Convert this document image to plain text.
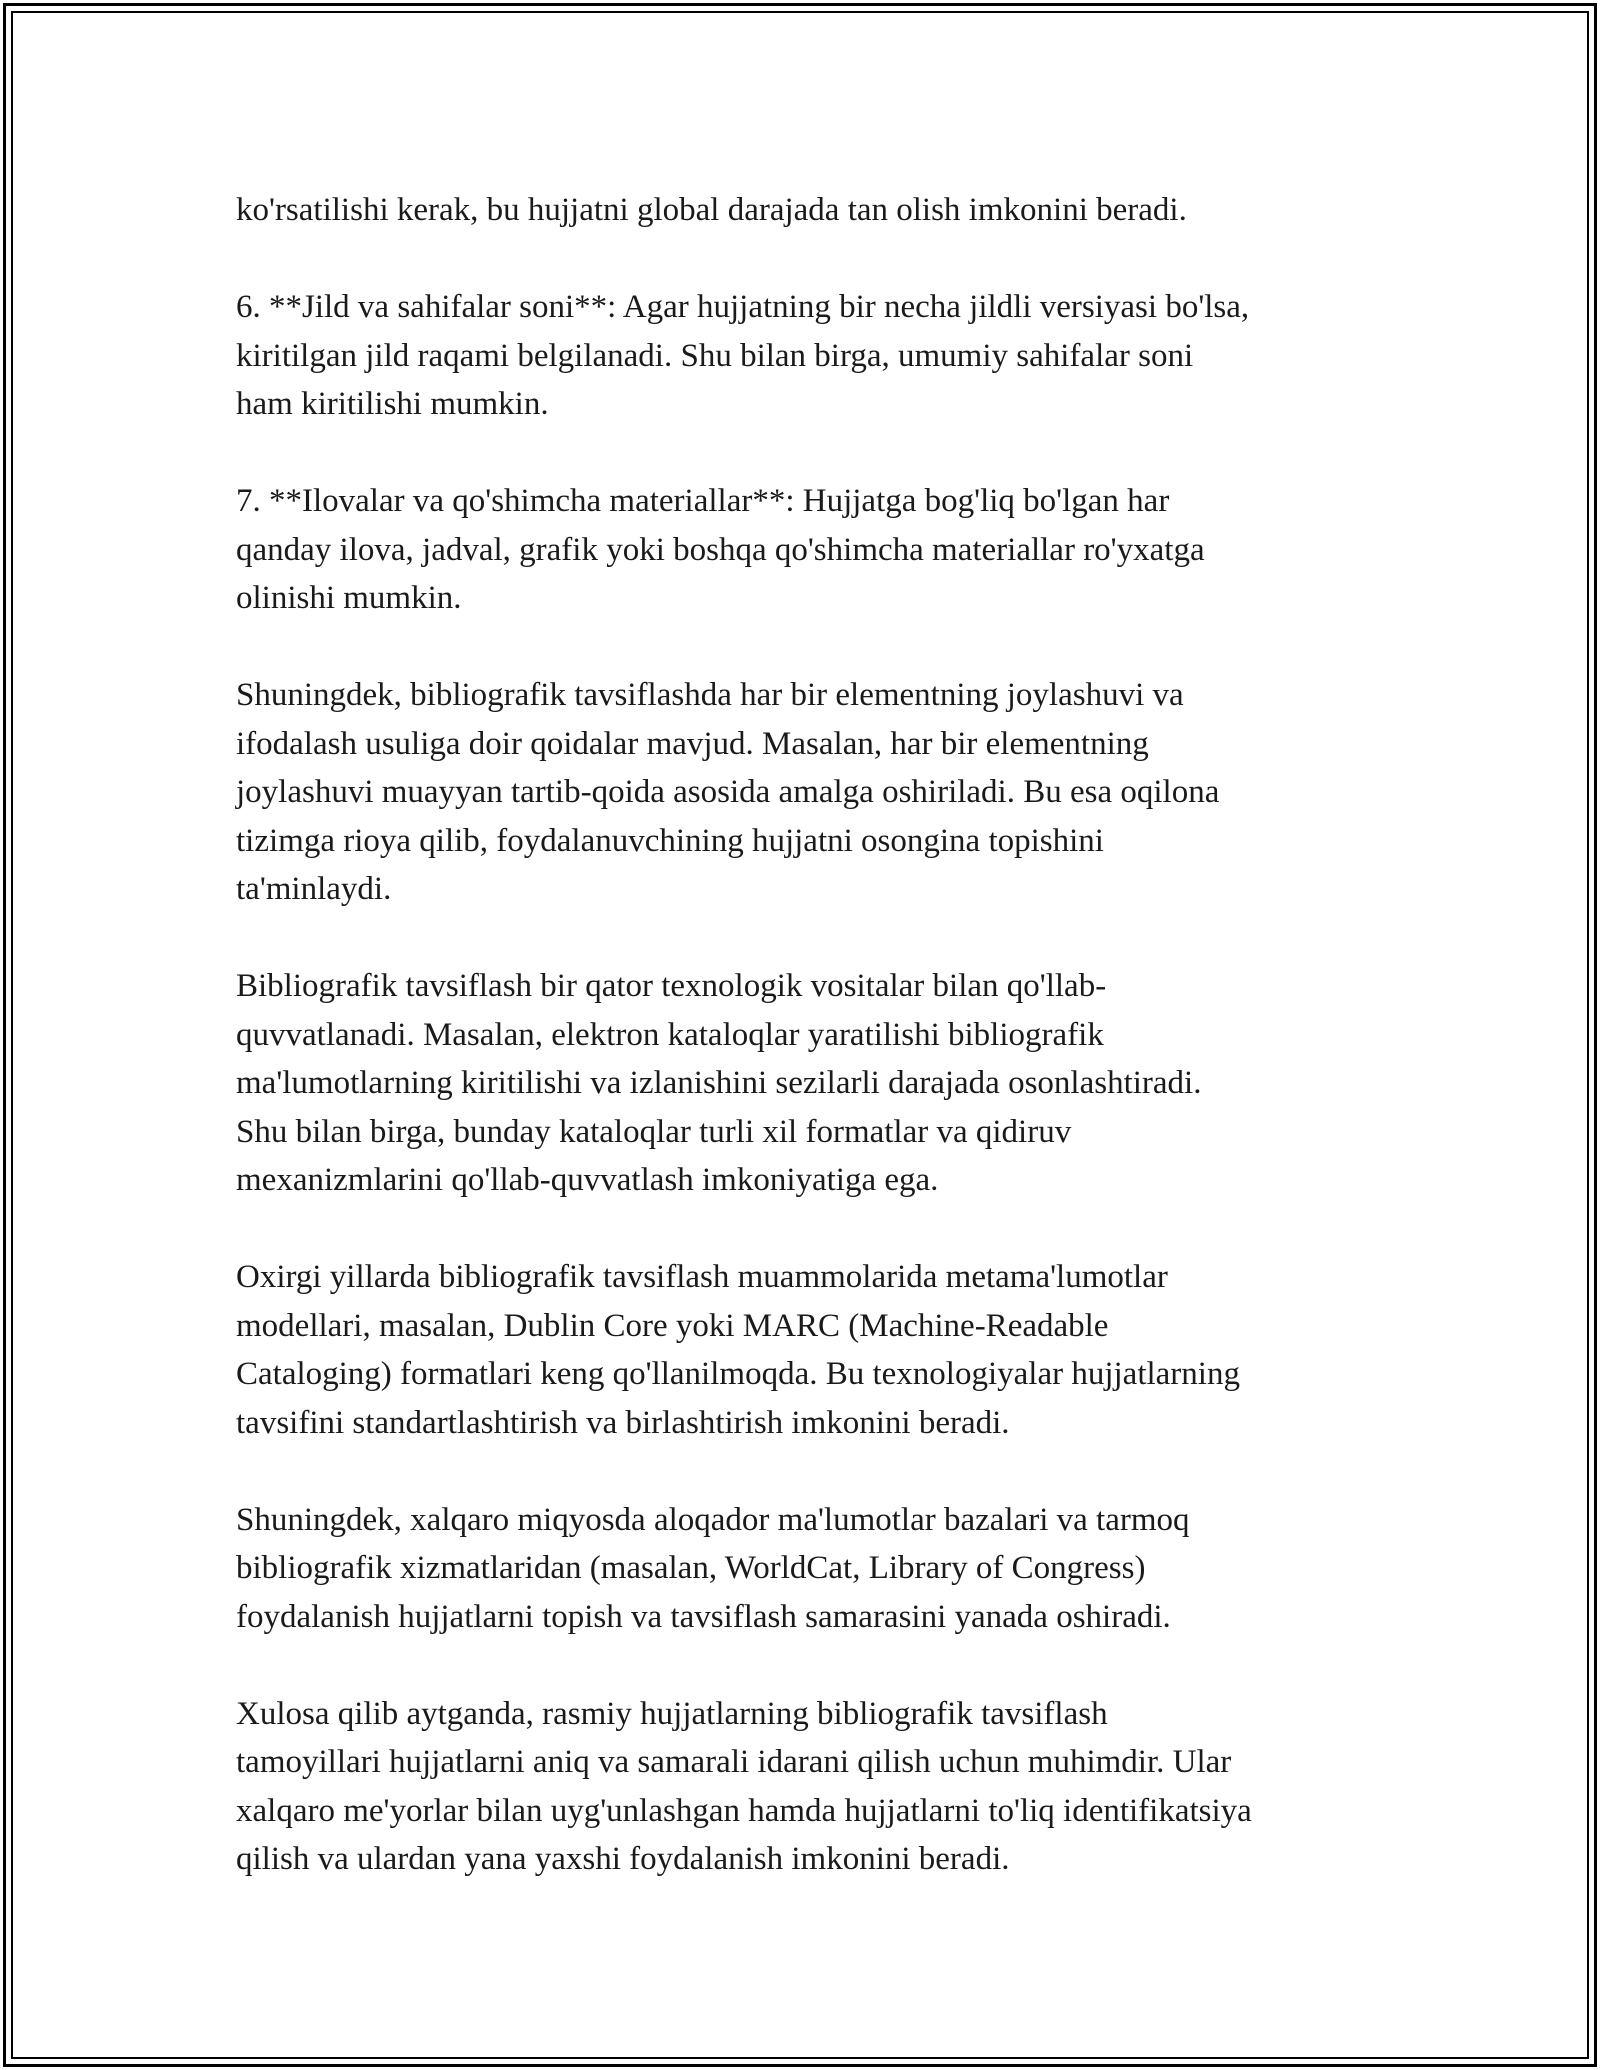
ko'rsatilishi kerak, bu hujjatni global darajada tan olish imkonini beradi.

6. **Jild va sahifalar soni**: Agar hujjatning bir necha jildli versiyasi bo'lsa,
kiritilgan jild raqami belgilanadi. Shu bilan birga, umumiy sahifalar soni
ham kiritilishi mumkin.

7. **Ilovalar va qo'shimcha materiallar**: Hujjatga bog'liq bo'lgan har
qanday ilova, jadval, grafik yoki boshqa qo'shimcha materiallar ro'yxatga
olinishi mumkin.

Shuningdek, bibliografik tavsiflashda har bir elementning joylashuvi va
ifodalash usuliga doir qoidalar mavjud. Masalan, har bir elementning
joylashuvi muayyan tartib-qoida asosida amalga oshiriladi. Bu esa oqilona
tizimga rioya qilib, foydalanuvchining hujjatni osongina topishini
ta'minlaydi.

Bibliografik tavsiflash bir qator texnologik vositalar bilan qo'llab-
quvvatlanadi. Masalan, elektron kataloqlar yaratilishi bibliografik
ma'lumotlarning kiritilishi va izlanishini sezilarli darajada osonlashtiradi.
Shu bilan birga, bunday kataloqlar turli xil formatlar va qidiruv
mexanizmlarini qo'llab-quvvatlash imkoniyatiga ega.

Oxirgi yillarda bibliografik tavsiflash muammolarida metama'lumotlar
modellari, masalan, Dublin Core yoki MARC (Machine-Readable
Cataloging) formatlari keng qo'llanilmoqda. Bu texnologiyalar hujjatlarning
tavsifini standartlashtirish va birlashtirish imkonini beradi.

Shuningdek, xalqaro miqyosda aloqador ma'lumotlar bazalari va tarmoq
bibliografik xizmatlaridan (masalan, WorldCat, Library of Congress)
foydalanish hujjatlarni topish va tavsiflash samarasini yanada oshiradi.

Xulosa qilib aytganda, rasmiy hujjatlarning bibliografik tavsiflash
tamoyillari hujjatlarni aniq va samarali idarani qilish uchun muhimdir. Ular
xalqaro me'yorlar bilan uyg'unlashgan hamda hujjatlarni to'liq identifikatsiya
qilish va ulardan yana yaxshi foydalanish imkonini beradi.
